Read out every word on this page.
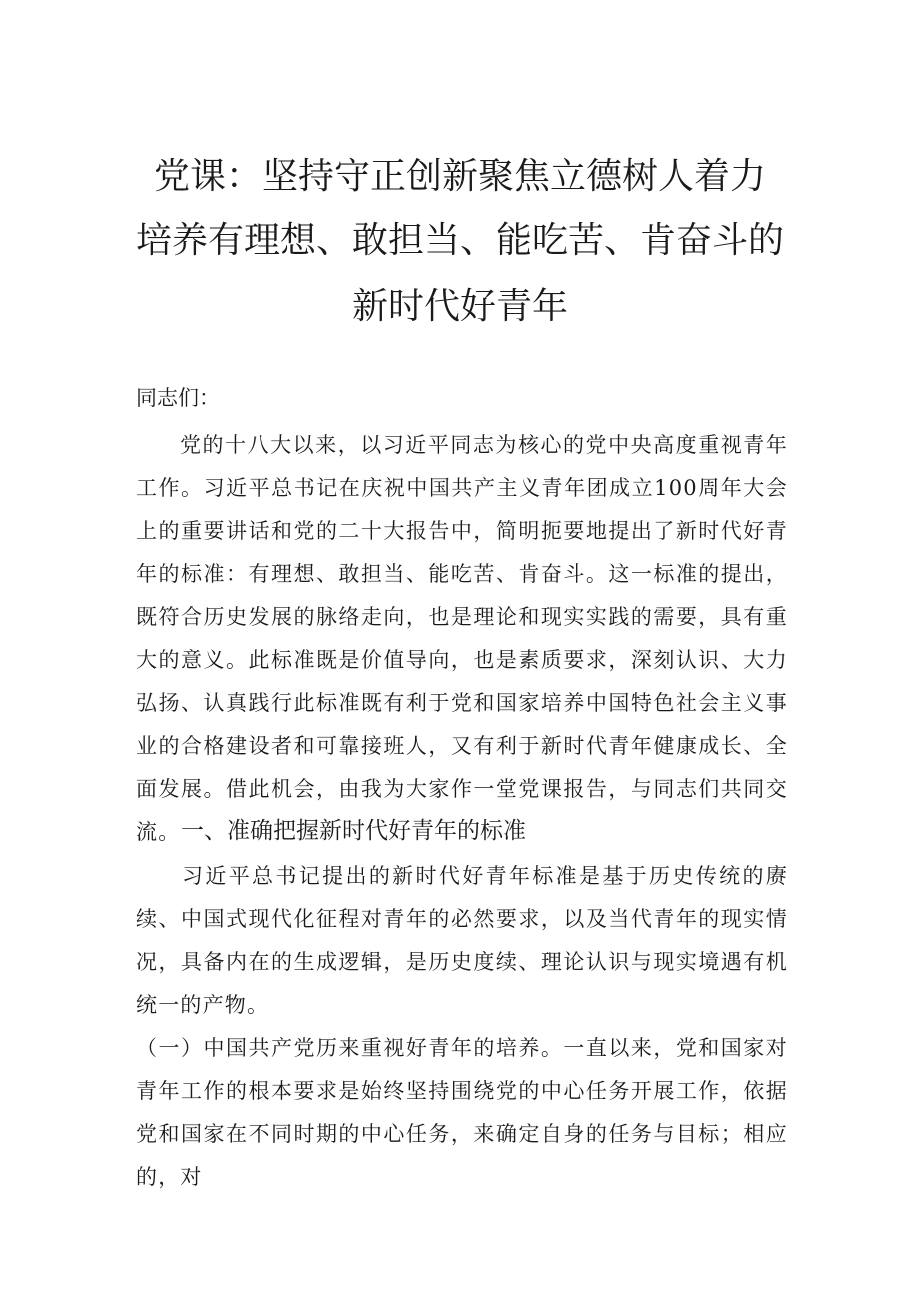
党课：坚持守正创新聚焦立德树人着力
培养有理想、敢担当、能吃苦、肯奋斗的
新时代好青年
同志们：
党的十八大以来，以习近平同志为核心的党中央高度重视青年工作。习近平总书记在庆祝中国共产主义青年团成立100周年大会上的重要讲话和党的二十大报告中，简明扼要地提出了新时代好青年的标准：有理想、敢担当、能吃苦、肯奋斗。这一标准的提出，既符合历史发展的脉络走向，也是理论和现实实践的需要，具有重大的意义。此标准既是价值导向，也是素质要求，深刻认识、大力弘扬、认真践行此标准既有利于党和国家培养中国特色社会主义事业的合格建设者和可靠接班人，又有利于新时代青年健康成长、全面发展。借此机会，由我为大家作一堂党课报告，与同志们共同交流。 一、准确把握新时代好青年的标准
习近平总书记提出的新时代好青年标准是基于历史传统的赓续、中国式现代化征程对青年的必然要求，以及当代青年的现实情况，具备内在的生成逻辑，是历史度续、理论认识与现实境遇有机统一的产物。
（一）中国共产党历来重视好青年的培养。一直以来，党和国家对青年工作的根本要求是始终坚持围绕党的中心任务开展工作，依据党和国家在不同时期的中心任务，来确定自身的任务与目标；相应的，对
